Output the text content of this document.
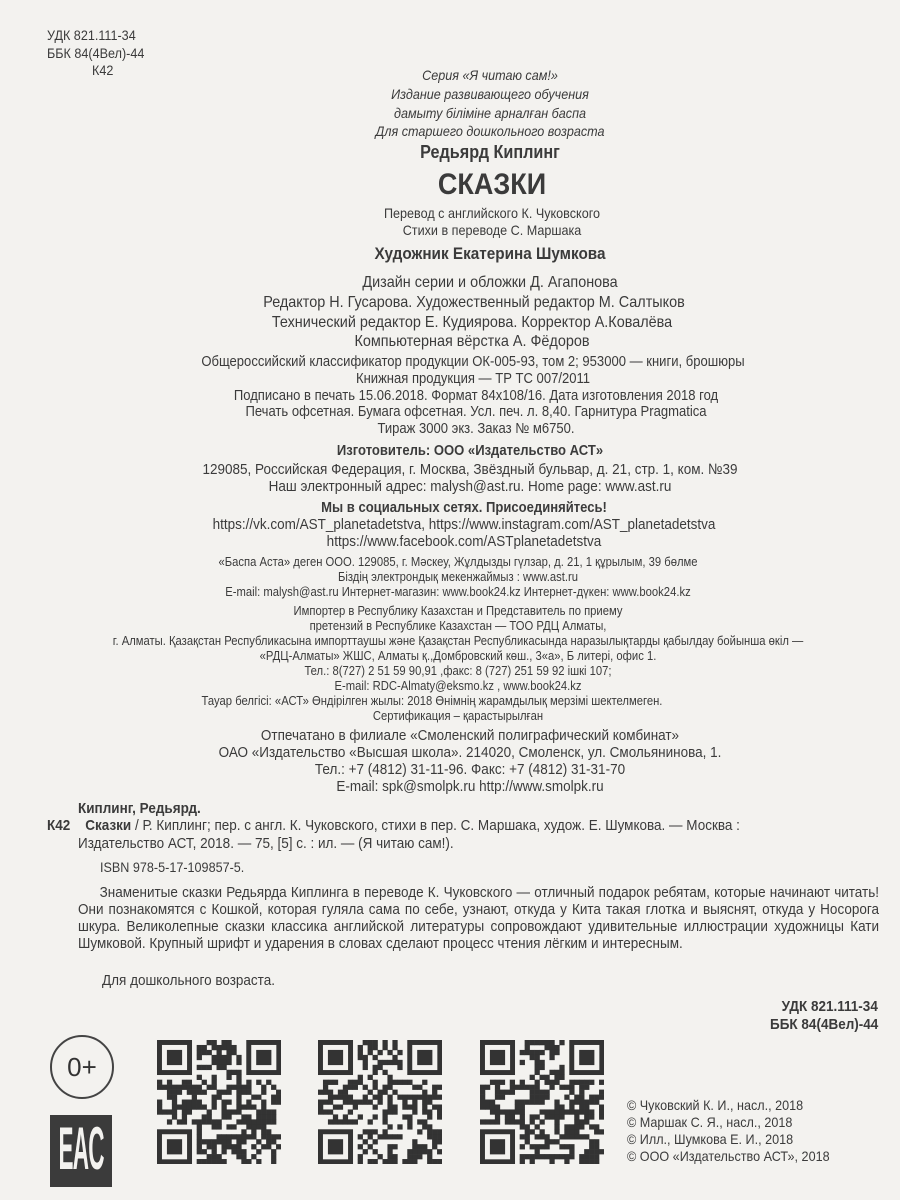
УДК 821.111-34
ББК 84(4Вел)-44
К42	Серия «Я читаю сам!»
Издание развивающего обучения
дамыту біліміне арналған баспа
Для старшего дошкольного возраста
Редьярд Киплинг
СКАЗКИ
Перевод с английского К. Чуковского
Стихи в переводе С. Маршака
Художник Екатерина Шумкова
Дизайн серии и обложки Д. Агапонова
Редактор Н. Гусарова. Художественный редактор М. Салтыков
Технический редактор Е. Кудиярова. Корректор А.Ковалёва
Компьютерная вёрстка А. Фёдоров
Общероссийский классификатор продукции ОК-005-93, том 2; 953000 — книги, брошюры
Книжная продукция — ТР ТС 007/2011
Подписано в печать 15.06.2018. Формат 84x108/16. Дата изготовления 2018 год
Печать офсетная. Бумага офсетная. Усл. печ. л. 8,40. Гарнитура Pragmatica
Тираж 3000 экз. Заказ № м6750.
Изготовитель: ООО «Издательство АСТ»
129085, Российская Федерация, г. Москва, Звёздный бульвар, д. 21, стр. 1, ком. №39
Наш электронный адрес: malysh@ast.ru. Home page: www.ast.ru
Мы в социальных сетях. Присоединяйтесь!
https://vk.com/AST_planetadetstva, https://www.instagram.com/AST_planetadetstva
https://www.facebook.com/ASTplanetadetstva
«Баспа Аста» деген ООО. 129085, г. Мәскеу, Жұлдызды гүлзар, д. 21, 1 құрылым, 39 бөлме
Біздің электрондық мекенжаймыз : www.ast.ru
E-mail: malysh@ast.ru Интернет-магазин: www.book24.kz Интернет-дүкен: www.book24.kz
Импортер в Республику Казахстан и Представитель по приему
претензий в Республике Казахстан — ТОО РДЦ Алматы,
г. Алматы. Қазақстан Республикасына импорттаушы және Қазақстан Республикасында наразылықтарды қабылдау бойынша өкіл —
«РДЦ-Алматы» ЖШС, Алматы қ.,Домбровский көш., 3«а», Б литері, офис 1.
Тел.: 8(727) 2 51 59 90,91 ,факс: 8 (727) 251 59 92 ішкі 107;
E-mail: RDC-Almaty@eksmo.kz , www.book24.kz
Тауар белгісі: «АСТ» Өндірілген жылы: 2018 Өнімнің жарамдылық мерзімі шектелмеген.
Сертификация – қарастырылған
Отпечатано в филиале «Смоленский полиграфический комбинат»
ОАО «Издательство «Высшая школа». 214020, Смоленск, ул. Смольянинова, 1.
Тел.: +7 (4812) 31-11-96. Факс: +7 (4812) 31-31-70
E-mail: spk@smolpk.ru http://www.smolpk.ru
Киплинг, Редьярд.
К42 Сказки / Р. Киплинг; пер. с англ. К. Чуковского, стихи в пер. С. Маршака, худож. Е. Шумкова. — Москва :
Издательство АСТ, 2018. — 75, [5] с. : ил. — (Я читаю сам!).
ISBN 978-5-17-109857-5.
Знаменитые сказки Редьярда Киплинга в переводе К. Чуковского — отличный подарок ребятам, которые начинают читать! Они познакомятся с Кошкой, которая гуляла сама по себе, узнают, откуда у Кита такая глотка и выяснят, откуда у Носорога шкура. Великолепные сказки классика английской литературы сопровождают удивительные иллюстрации художницы Кати Шумковой. Крупный шрифт и ударения в словах сделают процесс чтения лёгким и интересным.
Для дошкольного возраста.
УДК 821.111-34
ББК 84(4Вел)-44
0+
EAC
© Чуковский К. И., насл., 2018
© Маршак С. Я., насл., 2018
© Илл., Шумкова Е. И., 2018
© ООО «Издательство АСТ», 2018
